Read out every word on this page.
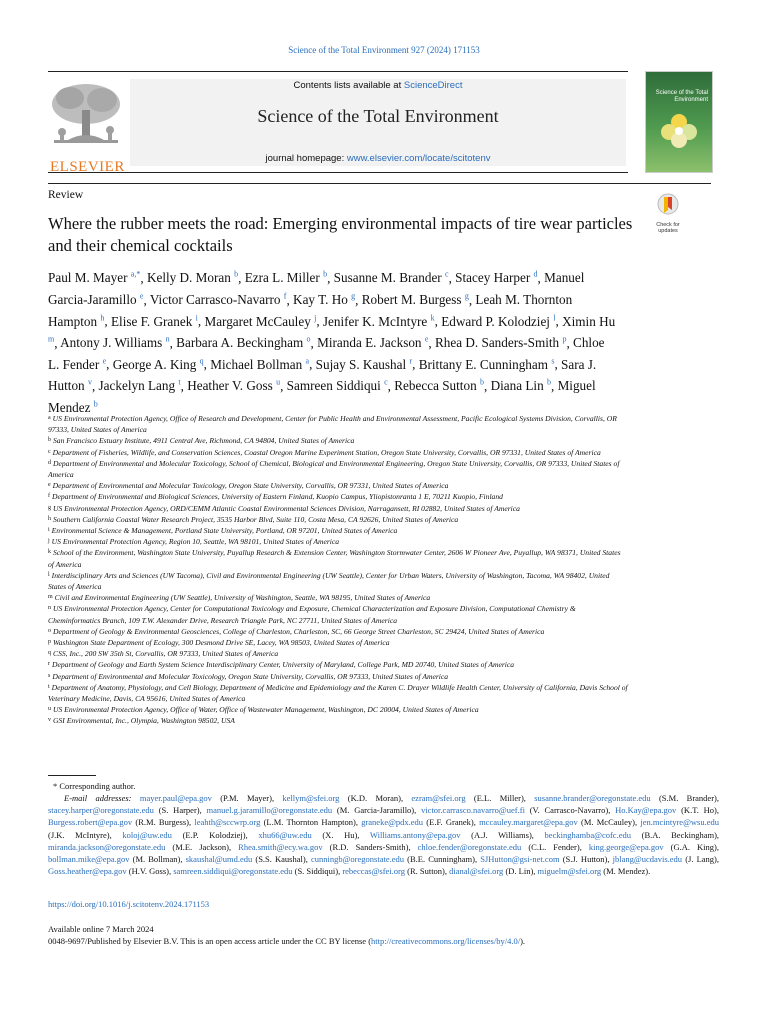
Science of the Total Environment 927 (2024) 171153
ELSEVIER
Contents lists available at ScienceDirect
Science of the Total Environment
journal homepage: www.elsevier.com/locate/scitotenv
Science of the Total Environment
Review
Check for updates
Where the rubber meets the road: Emerging environmental impacts of tire wear particles and their chemical cocktails
Paul M. Mayer $^{a,*}$, Kelly D. Moran $^b$, Ezra L. Miller $^b$, Susanne M. Brander $^c$, Stacey Harper $^d$, Manuel Garcia-Jaramillo $^e$, Victor Carrasco-Navarro $^f$, Kay T. Ho $^g$, Robert M. Burgess $^g$, Leah M. Thornton Hampton $^h$, Elise F. Granek $^i$, Margaret McCauley $^j$, Jenifer K. McIntyre $^k$, Edward P. Kolodziej $^l$, Ximin Hu $^m$, Antony J. Williams $^n$, Barbara A. Beckingham $^o$, Miranda E. Jackson $^e$, Rhea D. Sanders-Smith $^p$, Chloe L. Fender $^e$, George A. King $^q$, Michael Bollman $^a$, Sujay S. Kaushal $^r$, Brittany E. Cunningham $^s$, Sara J. Hutton $^v$, Jackelyn Lang $^t$, Heather V. Goss $^u$, Samreen Siddiqui $^c$, Rebecca Sutton $^b$, Diana Lin $^b$, Miguel Mendez $^b$

$^a$ US Environmental Protection Agency, Office of Research and Development, Center for Public Health and Environmental Assessment, Pacific Ecological Systems Division, Corvallis, OR 97333, United States of America

$^b$ San Francisco Estuary Institute, 4911 Central Ave, Richmond, CA 94804, United States of America

$^c$ Department of Fisheries, Wildlife, and Conservation Sciences, Coastal Oregon Marine Experiment Station, Oregon State University, Corvallis, OR 97331, United States of America

$^d$ Department of Environmental and Molecular Toxicology, School of Chemical, Biological and Environmental Engineering, Oregon State University, Corvallis, OR 97333, United States of America

$^e$ Department of Environmental and Molecular Toxicology, Oregon State University, Corvallis, OR 97331, United States of America

$^f$ Department of Environmental and Biological Sciences, University of Eastern Finland, Kuopio Campus, Yliopistonranta 1 E, 70211 Kuopio, Finland

$^g$ US Environmental Protection Agency, ORD/CEMM Atlantic Coastal Environmental Sciences Division, Narragansett, RI 02882, United States of America

$^h$ Southern California Coastal Water Research Project, 3535 Harbor Blvd, Suite 110, Costa Mesa, CA 92626, United States of America

$^i$ Environmental Science & Management, Portland State University, Portland, OR 97201, United States of America

$^j$ US Environmental Protection Agency, Region 10, Seattle, WA 98101, United States of America

$^k$ School of the Environment, Washington State University, Puyallup Research & Extension Center, Washington Stormwater Center, 2606 W Pioneer Ave, Puyallup, WA 98371, United States of America

$^l$ Interdisciplinary Arts and Sciences (UW Tacoma), Civil and Environmental Engineering (UW Seattle), Center for Urban Waters, University of Washington, Tacoma, WA 98402, United States of America

$^m$ Civil and Environmental Engineering (UW Seattle), University of Washington, Seattle, WA 98195, United States of America

$^n$ US Environmental Protection Agency, Center for Computational Toxicology and Exposure, Chemical Characterization and Exposure Division, Computational Chemistry & Cheminformatics Branch, 109 T.W. Alexander Drive, Research Triangle Park, NC 27711, United States of America

$^o$ Department of Geology & Environmental Geosciences, College of Charleston, Charleston, SC, 66 George Street Charleston, SC 29424, United States of America

$^p$ Washington State Department of Ecology, 300 Desmond Drive SE, Lacey, WA 98503, United States of America

$^q$ CSS, Inc., 200 SW 35th St, Corvallis, OR 97333, United States of America

$^r$ Department of Geology and Earth System Science Interdisciplinary Center, University of Maryland, College Park, MD 20740, United States of America

$^s$ Department of Environmental and Molecular Toxicology, Oregon State University, Corvallis, OR 97333, United States of America

$^t$ Department of Anatomy, Physiology, and Cell Biology, Department of Medicine and Epidemiology and the Karen C. Drayer Wildlife Health Center, University of California, Davis School of Veterinary Medicine, Davis, CA 95616, United States of America

$^u$ US Environmental Protection Agency, Office of Water, Office of Wastewater Management, Washington, DC 20004, United States of America

$^v$ GSI Environmental, Inc., Olympia, Washington 98502, USA

* Corresponding author.
E-mail addresses: mayer.paul@epa.gov (P.M. Mayer), kellym@sfei.org (K.D. Moran), ezram@sfei.org (E.L. Miller), susanne.brander@oregonstate.edu (S.M. Brander), stacey.harper@oregonstate.edu (S. Harper), manuel.g.jaramillo@oregonstate.edu (M. Garcia-Jaramillo), victor.carrasco.navarro@uef.fi (V. Carrasco-Navarro), Ho.Kay@epa.gov (K.T. Ho), Burgess.robert@epa.gov (R.M. Burgess), leahth@sccwrp.org (L.M. Thornton Hampton), graneke@pdx.edu (E.F. Granek), mccauley.margaret@epa.gov (M. McCauley), jen.mcintyre@wsu.edu (J.K. McIntyre), koloj@uw.edu (E.P. Kolodziej), xhu66@uw.edu (X. Hu), Williams.antony@epa.gov (A.J. Williams), beckinghamba@cofc.edu (B.A. Beckingham), miranda.jackson@oregonstate.edu (M.E. Jackson), Rhea.smith@ecy.wa.gov (R.D. Sanders-Smith), chloe.fender@oregonstate.edu (C.L. Fender), king.george@epa.gov (G.A. King), bollman.mike@epa.gov (M. Bollman), skaushal@umd.edu (S.S. Kaushal), cunningb@oregonstate.edu (B.E. Cunningham), SJHutton@gsi-net.com (S.J. Hutton), jblang@ucdavis.edu (J. Lang), Goss.heather@epa.gov (H.V. Goss), samreen.siddiqui@oregonstate.edu (S. Siddiqui), rebeccas@sfei.org (R. Sutton), dianal@sfei.org (D. Lin), miguelm@sfei.org (M. Mendez).
https://doi.org/10.1016/j.scitotenv.2024.171153
Available online 7 March 2024
0048-9697/Published by Elsevier B.V. This is an open access article under the CC BY license (http://creativecommons.org/licenses/by/4.0/).
